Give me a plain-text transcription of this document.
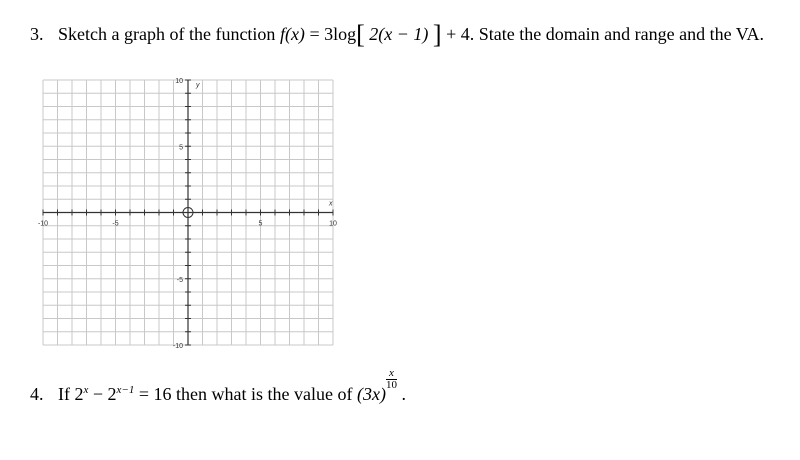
3. Sketch a graph of the function f(x) = 3log[ 2(x − 1) ] + 4. State the domain and range and the VA.
-10	-5	5	10
10
5
-5
-10
x
y
4. If $2^x - 2^{x-1} = 16$ then what is the value of (3x)
$\frac{x}{10}$
.
